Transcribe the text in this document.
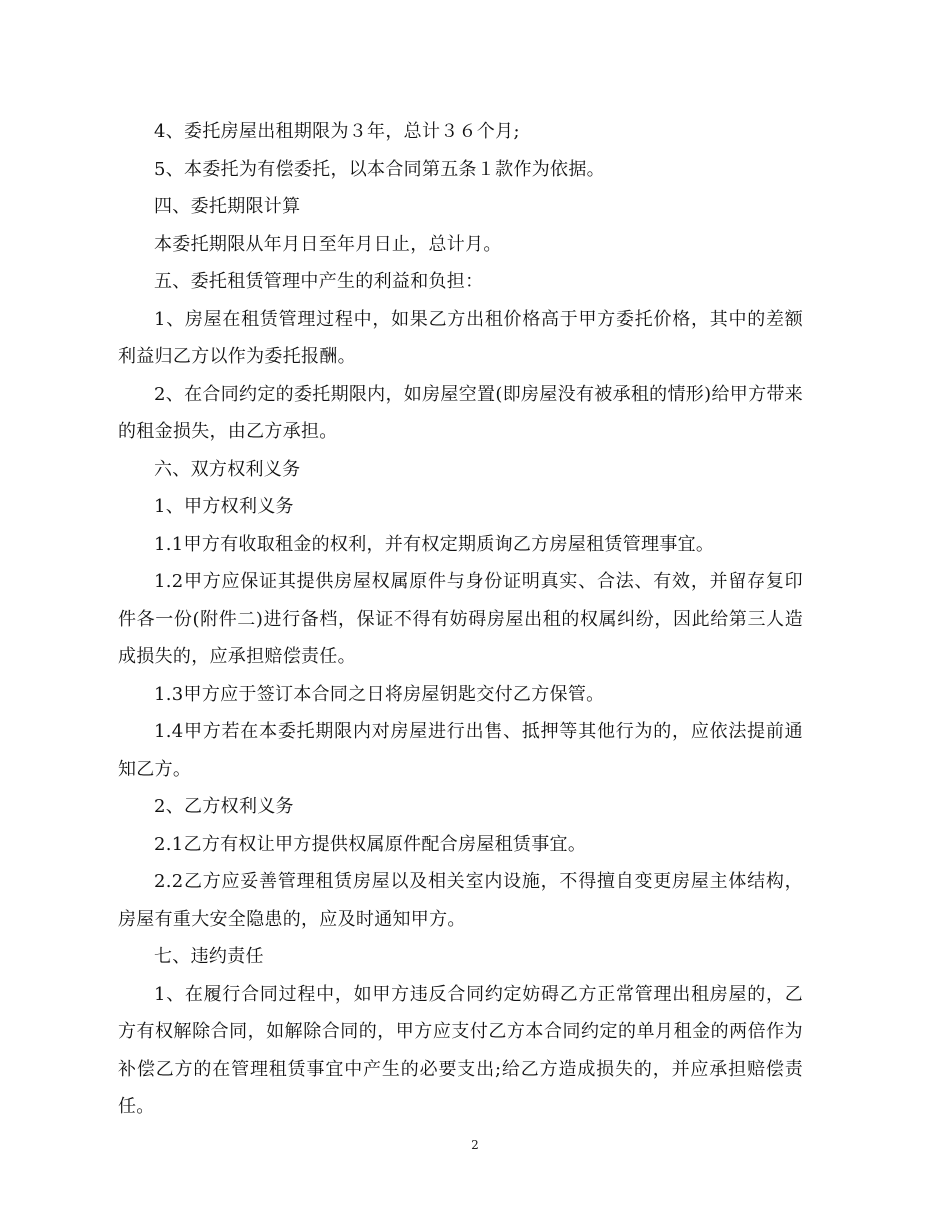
4、委托房屋出租期限为３年，总计３６个月;

5、本委托为有偿委托，以本合同第五条１款作为依据。

四、委托期限计算

本委托期限从年月日至年月日止，总计月。

五、委托租赁管理中产生的利益和负担：

1、房屋在租赁管理过程中，如果乙方出租价格高于甲方委托价格，其中的差额利益归乙方以作为委托报酬。

2、在合同约定的委托期限内，如房屋空置(即房屋没有被承租的情形)给甲方带来的租金损失，由乙方承担。

六、双方权利义务

1、甲方权利义务

1.1甲方有收取租金的权利，并有权定期质询乙方房屋租赁管理事宜。

1.2甲方应保证其提供房屋权属原件与身份证明真实、合法、有效，并留存复印件各一份(附件二)进行备档，保证不得有妨碍房屋出租的权属纠纷，因此给第三人造成损失的，应承担赔偿责任。

1.3甲方应于签订本合同之日将房屋钥匙交付乙方保管。

1.4甲方若在本委托期限内对房屋进行出售、抵押等其他行为的，应依法提前通知乙方。

2、乙方权利义务

2.1乙方有权让甲方提供权属原件配合房屋租赁事宜。

2.2乙方应妥善管理租赁房屋以及相关室内设施，不得擅自变更房屋主体结构，房屋有重大安全隐患的，应及时通知甲方。

七、违约责任

1、在履行合同过程中，如甲方违反合同约定妨碍乙方正常管理出租房屋的，乙方有权解除合同，如解除合同的，甲方应支付乙方本合同约定的单月租金的两倍作为补偿乙方的在管理租赁事宜中产生的必要支出;给乙方造成损失的，并应承担赔偿责任。

2
